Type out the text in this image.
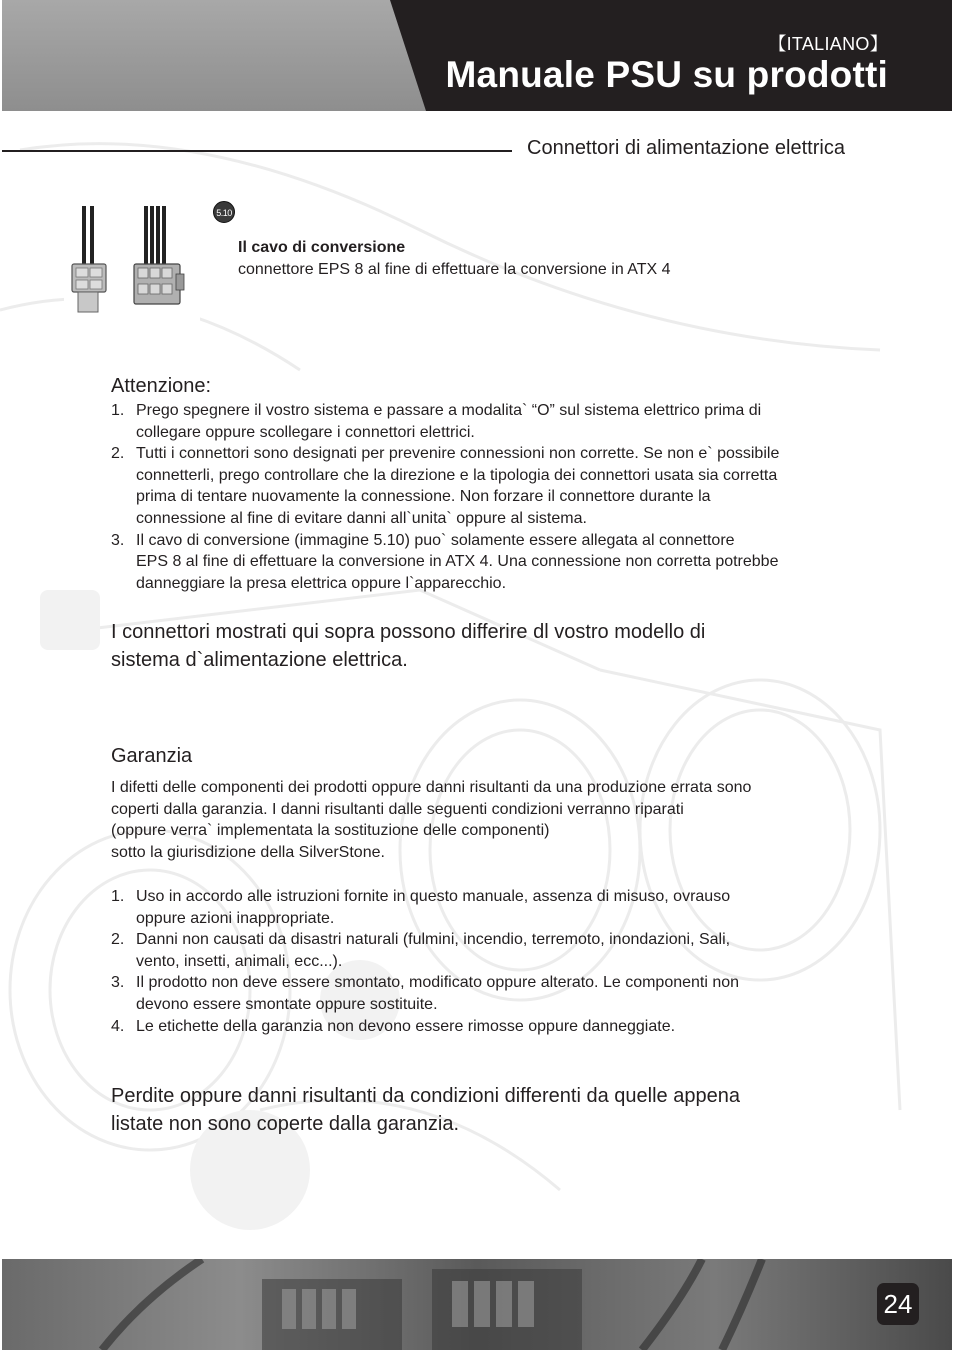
【ITALIANO】
Manuale PSU su prodotti
Connettori di alimentazione elettrica
5.10
Il cavo di conversione
connettore EPS 8 al fine di effettuare la conversione in ATX 4
Attenzione:
1. Prego spegnere il vostro sistema e passare a modalita` “O” sul sistema elettrico prima di
collegare oppure scollegare i connettori elettrici.
2. Tutti i connettori sono designati per prevenire connessioni non corrette. Se non e` possibile
connetterli, prego controllare che la direzione e la tipologia dei connettori usata sia corretta
prima di tentare nuovamente la connessione. Non forzare il connettore durante la
connessione al fine di evitare danni all`unita` oppure al sistema.
3. Il cavo di conversione (immagine 5.10) puo` solamente essere allegata al connettore
EPS 8 al fine di effettuare la conversione in ATX 4. Una connessione non corretta potrebbe
danneggiare la presa elettrica oppure l`apparecchio.
I connettori mostrati qui sopra possono differire dl vostro modello di
sistema d`alimentazione elettrica.
Garanzia
I difetti delle componenti dei prodotti oppure danni risultanti da una produzione errata sono
coperti dalla garanzia. I danni risultanti dalle seguenti condizioni verranno riparati
(oppure verra` implementata la sostituzione delle componenti)
sotto la giurisdizione della SilverStone.
1. Uso in accordo alle istruzioni fornite in questo manuale, assenza di misuso, ovrauso
oppure azioni inappropriate.
2. Danni non causati da disastri naturali (fulmini, incendio, terremoto, inondazioni, Sali,
vento, insetti, animali, ecc...).
3. Il prodotto non deve essere smontato, modificato oppure alterato. Le componenti non
devono essere smontate oppure sostituite.
4. Le etichette della garanzia non devono essere rimosse oppure danneggiate.
Perdite oppure danni risultanti da condizioni differenti da quelle appena
listate non sono coperte dalla garanzia.
24
